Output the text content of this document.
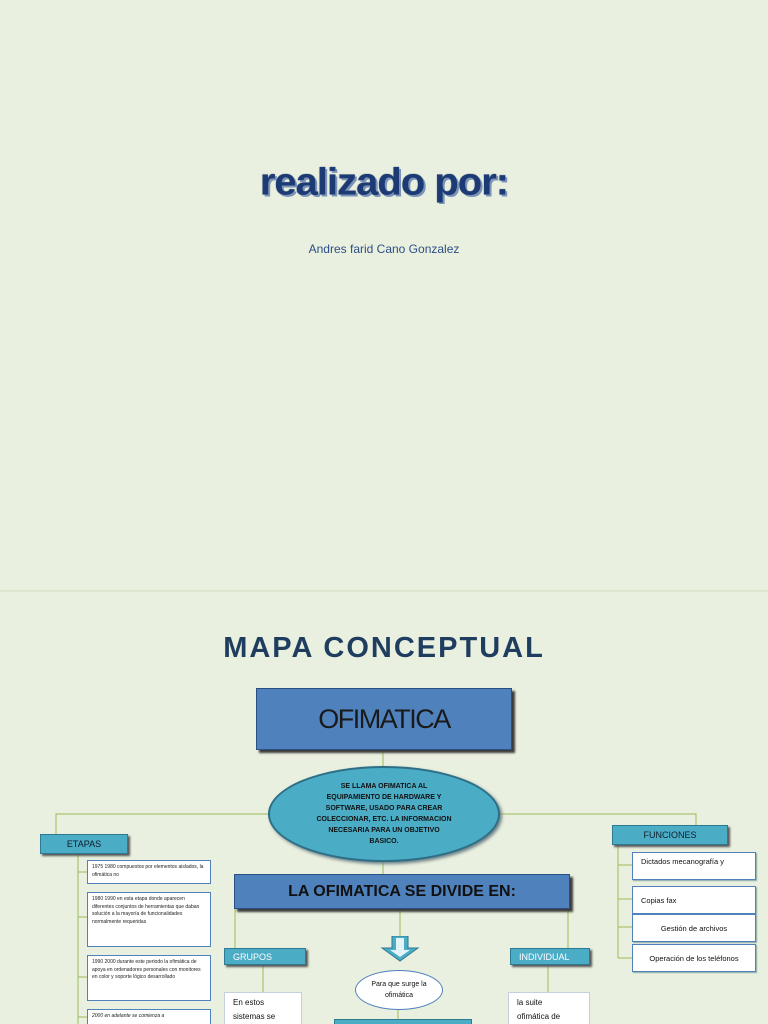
realizado por:
Andres farid Cano Gonzalez
MAPA CONCEPTUAL
OFIMATICA
SE LLAMA OFIMATICA AL EQUIPAMIENTO DE HARDWARE Y SOFTWARE, USADO PARA CREAR COLECCIONAR, ETC. LA INFORMACION NECESARIA PARA UN OBJETIVO BASICO.
ETAPAS
FUNCIONES
LA OFIMATICA SE DIVIDE EN:
1975 1980 compuestos por elementos aislados, la ofimática no
1980 1990 en esta etapa donde aparecen diferentes conjuntos de herramientas que daban solución a la mayoría de funcionalidades normalmente requeridas
1990 2000 durante este periodo la ofimática de apoya en ordenadores personales con monitores en color y soporte lógico desarrollado
2000 en adelante se comienza a
Dictados mecanografía y
Copias fax
Gestión de archivos
Operación de los teléfonos
GRUPOS	INDIVIDUAL
Para que surge la ofimática
En estos
sistemas se
la suite
ofimática de
